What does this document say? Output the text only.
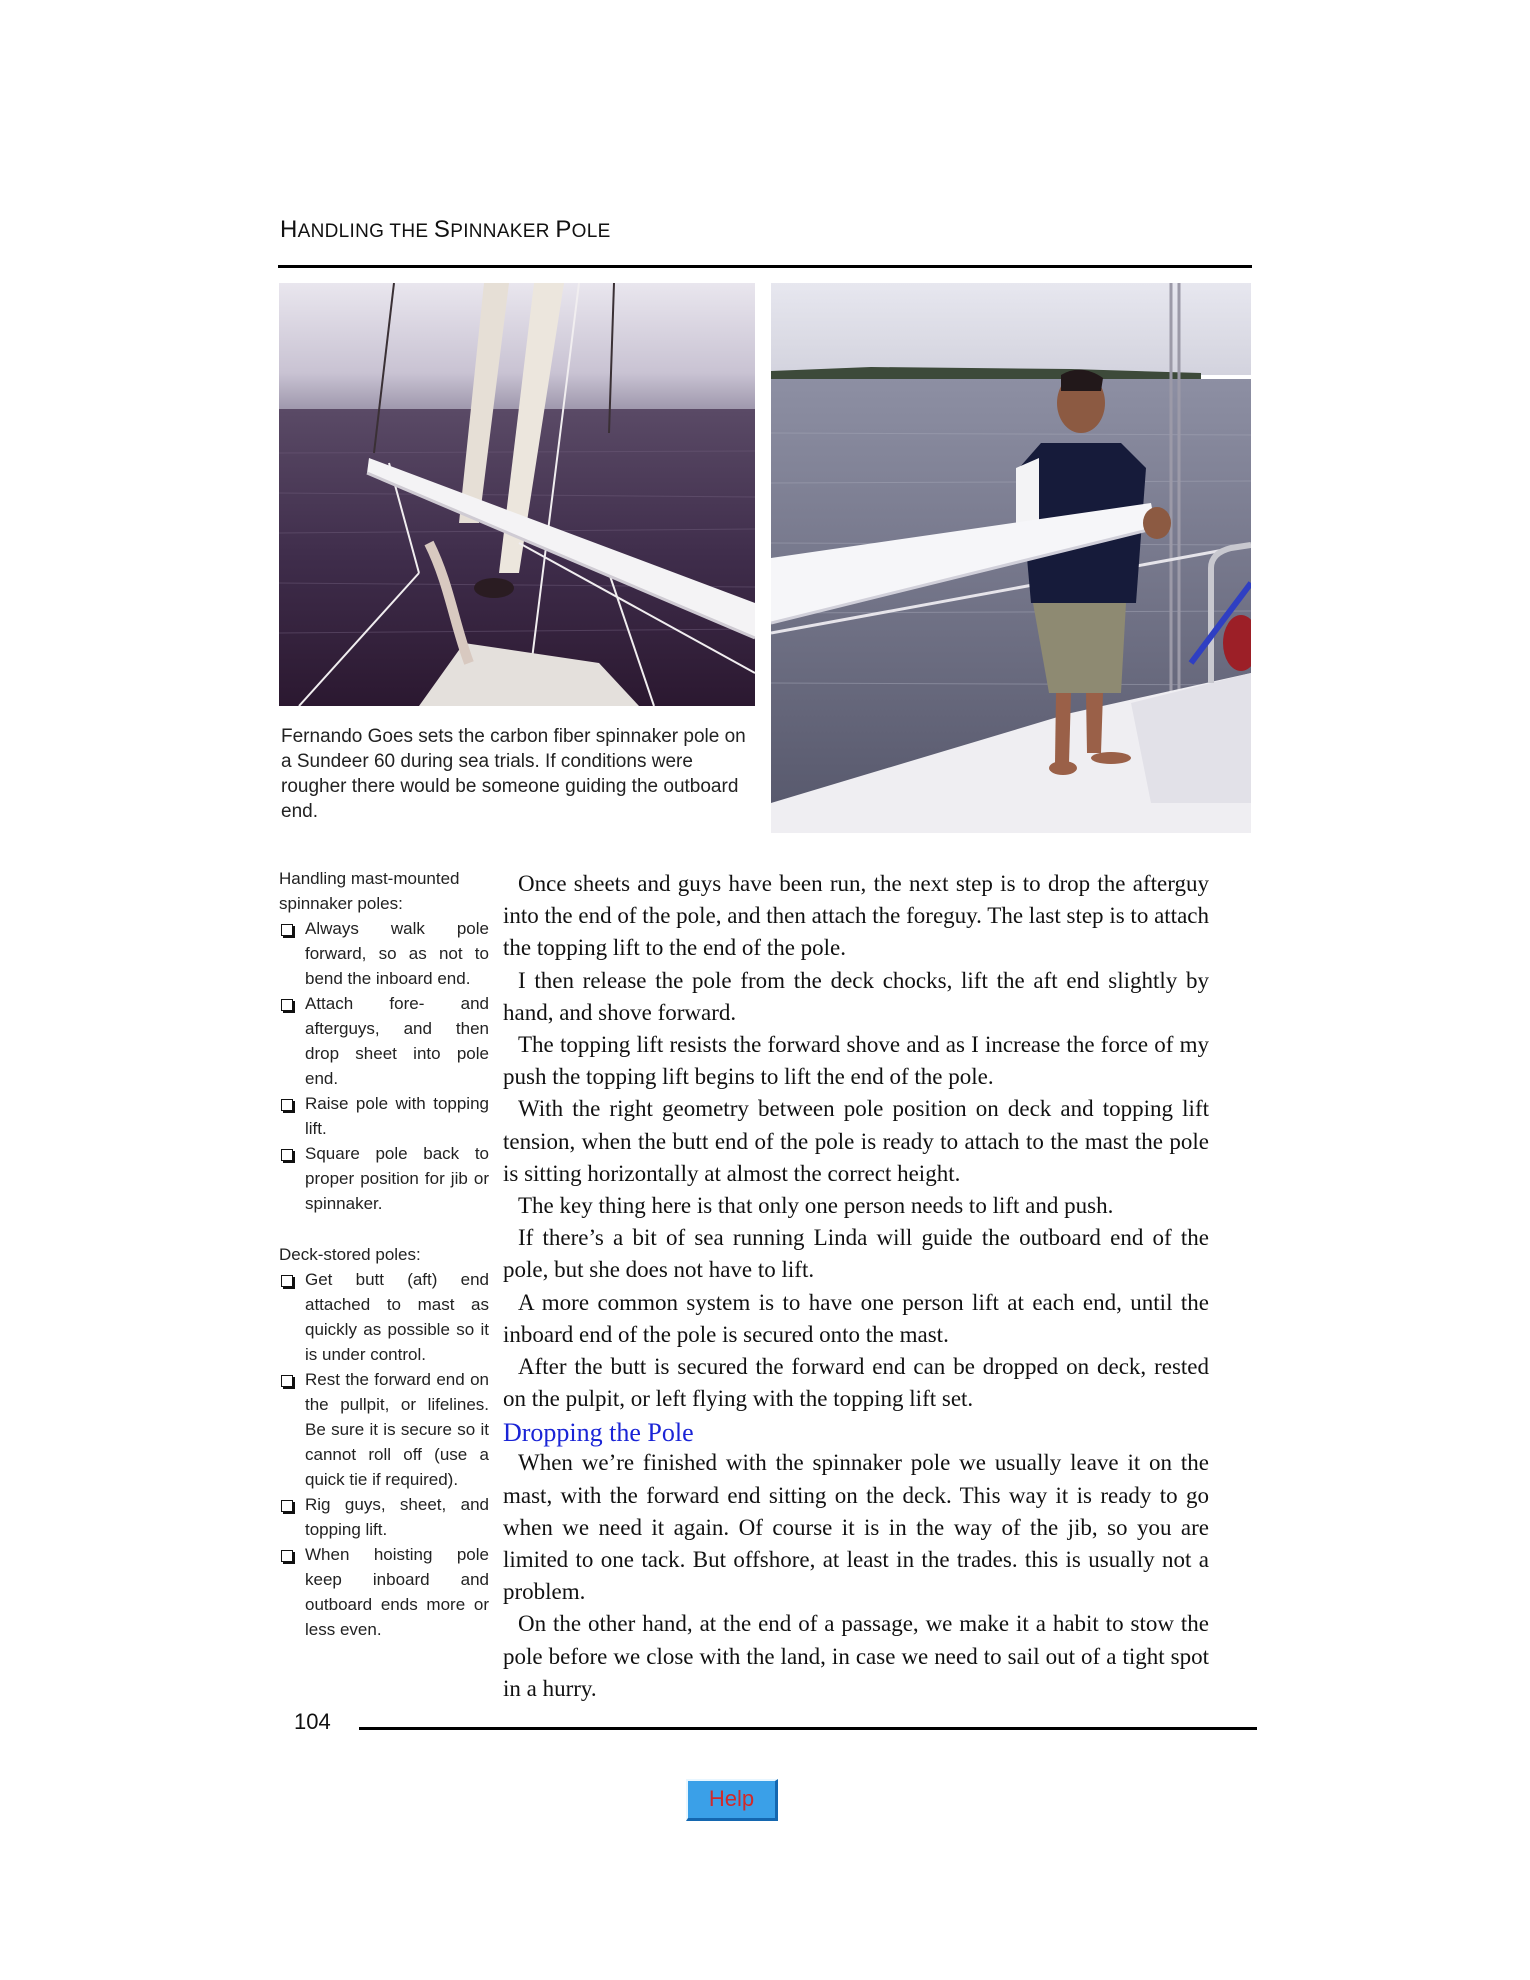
HANDLING THE SPINNAKER POLE
Fernando Goes sets the carbon fiber spinnaker pole on a Sundeer 60 during sea trials. If conditions were rougher there would be someone guiding the outboard end.
Handling mast-mounted spinnaker poles:
Always walk pole forward, so as not to bend the inboard end.
Attach fore- and afterguys, and then drop sheet into pole end.
Raise pole with topping lift.
Square pole back to proper position for jib or spinnaker.
Deck-stored poles:
Get butt (aft) end attached to mast as quickly as possible so it is under control.
Rest the forward end on the pullpit, or lifelines. Be sure it is secure so it cannot roll off (use a quick tie if required).
Rig guys, sheet, and topping lift.
When hoisting pole keep inboard and outboard ends more or less even.

Once sheets and guys have been run, the next step is to drop the afterguy into the end of the pole, and then attach the foreguy. The last step is to attach the topping lift to the end of the pole.

I then release the pole from the deck chocks, lift the aft end slightly by hand, and shove forward.

The topping lift resists the forward shove and as I increase the force of my push the topping lift begins to lift the end of the pole.

With the right geometry between pole position on deck and topping lift tension, when the butt end of the pole is ready to attach to the mast the pole is sitting horizontally at almost the correct height.

The key thing here is that only one person needs to lift and push.

If there’s a bit of sea running Linda will guide the outboard end of the pole, but she does not have to lift.

A more common system is to have one person lift at each end, until the inboard end of the pole is secured onto the mast.

After the butt is secured the forward end can be dropped on deck, rested on the pulpit, or left flying with the topping lift set.

Dropping the Pole

When we’re finished with the spinnaker pole we usually leave it on the mast, with the forward end sitting on the deck. This way it is ready to go when we need it again. Of course it is in the way of the jib, so you are limited to one tack. But offshore, at least in the trades. this is usually not a problem.

On the other hand, at the end of a passage, we make it a habit to stow the pole before we close with the land, in case we need to sail out of a tight spot in a hurry.

104
Help
